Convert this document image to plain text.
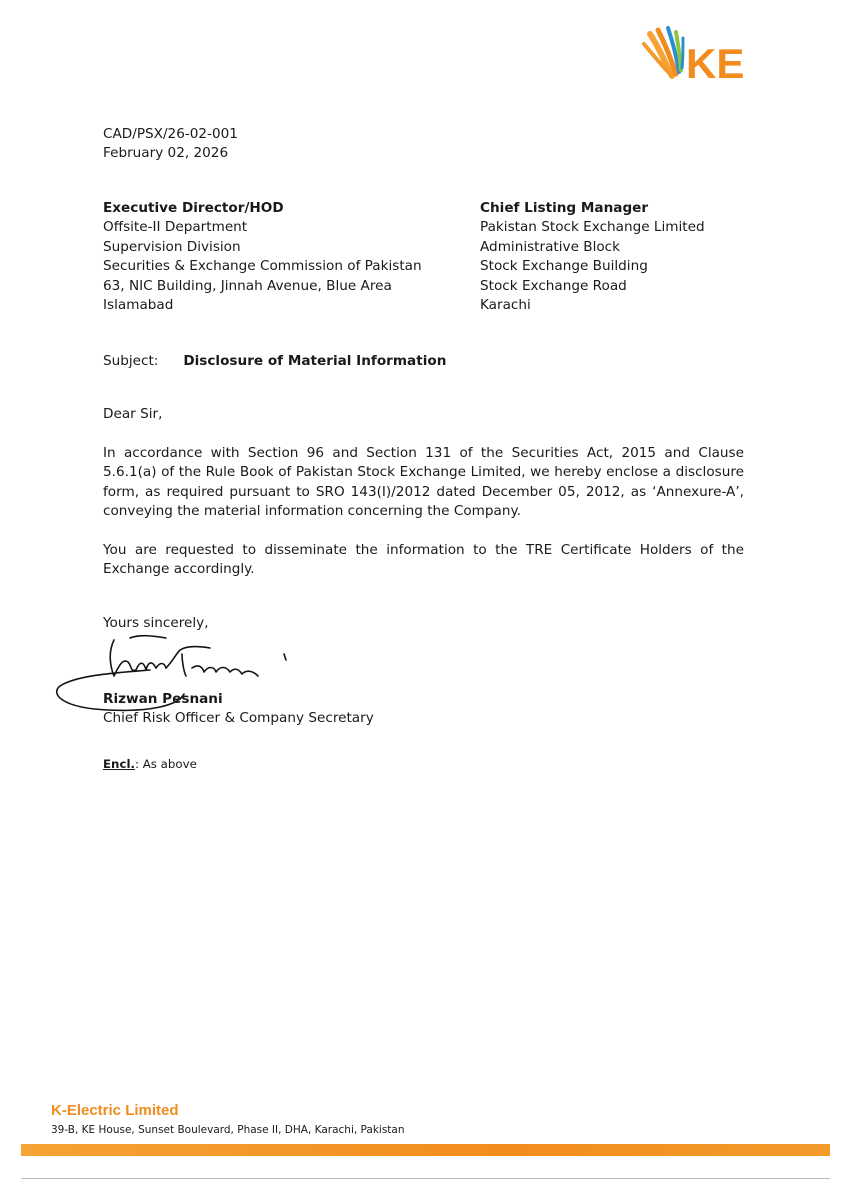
KE
CAD/PSX/26-02-001
February 02, 2026
Executive Director/HOD
Offsite-II Department
Supervision Division
Securities & Exchange Commission of Pakistan
63, NIC Building, Jinnah Avenue, Blue Area
Islamabad
Chief Listing Manager
Pakistan Stock Exchange Limited
Administrative Block
Stock Exchange Building
Stock Exchange Road
Karachi
Subject: Disclosure of Material Information
Dear Sir,
In accordance with Section 96 and Section 131 of the Securities Act, 2015 and Clause 5.6.1(a) of the Rule Book of Pakistan Stock Exchange Limited, we hereby enclose a disclosure form, as required pursuant to SRO 143(I)/2012 dated December 05, 2012, as ‘Annexure-A’, conveying the material information concerning the Company.
You are requested to disseminate the information to the TRE Certificate Holders of the Exchange accordingly.
Yours sincerely,
Rizwan Pesnani
Chief Risk Officer & Company Secretary
Encl.: As above
K-Electric Limited
39-B, KE House, Sunset Boulevard, Phase II, DHA, Karachi, Pakistan
